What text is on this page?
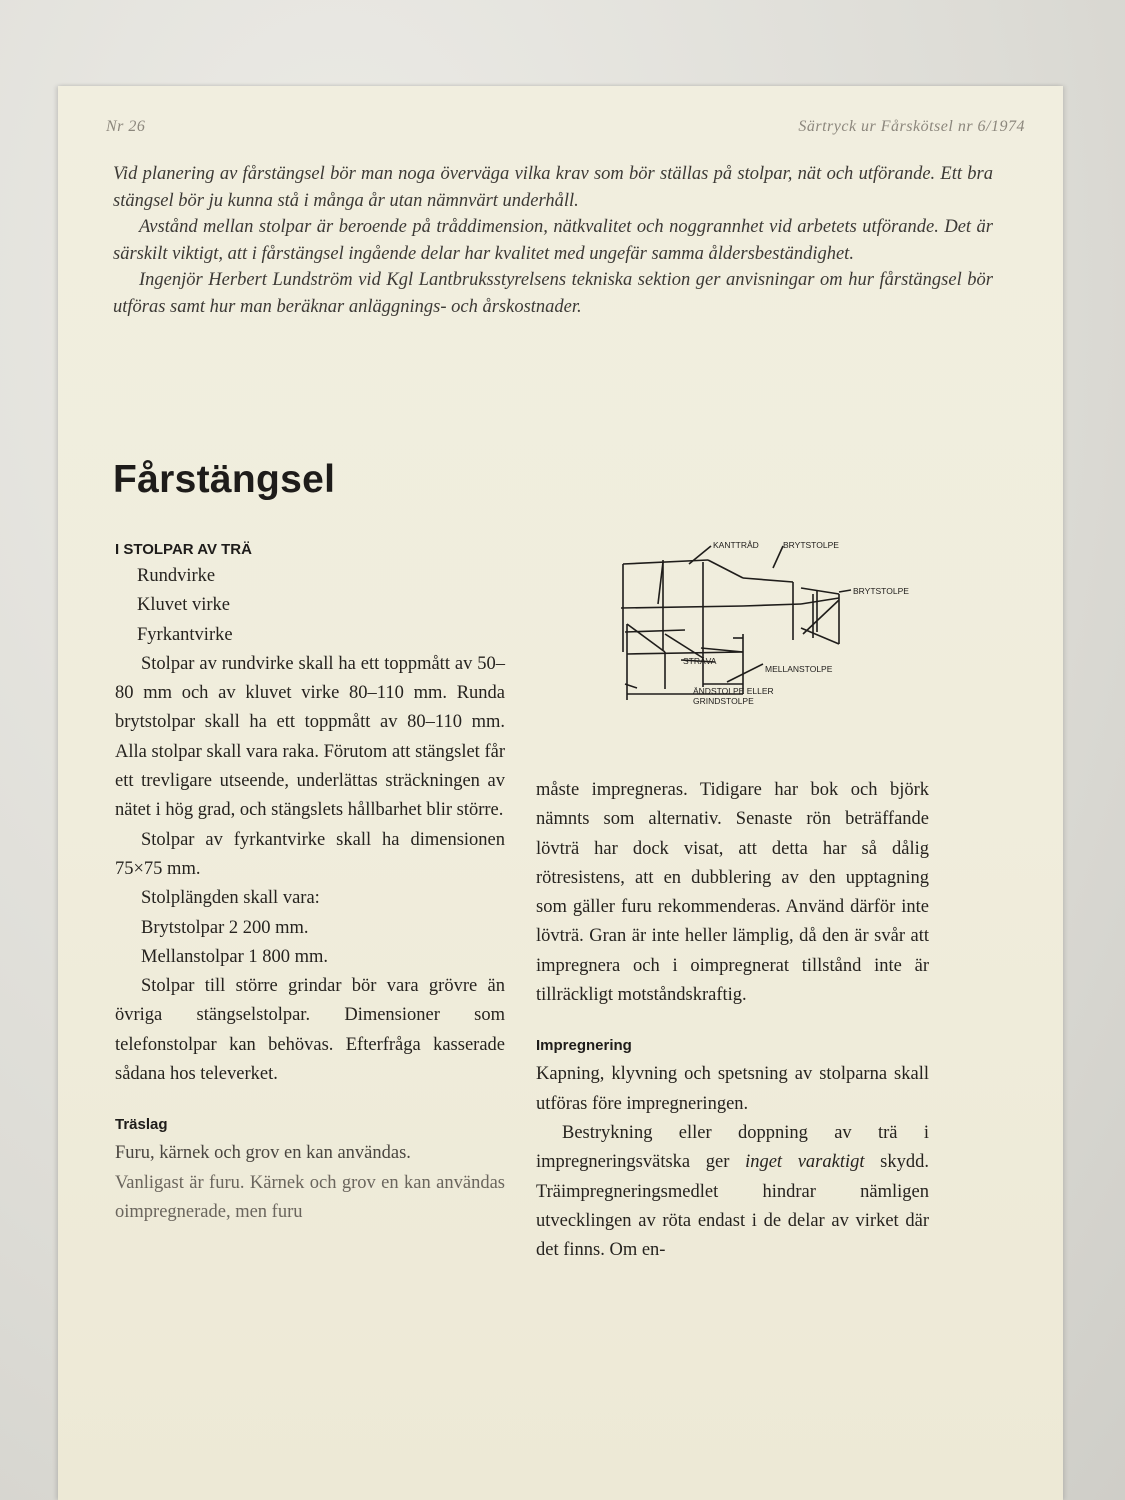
Nr 26	Särtryck ur Fårskötsel nr 6/1974

Vid planering av fårstängsel bör man noga överväga vilka krav som bör ställas på stolpar, nät och utförande. Ett bra stängsel bör ju kunna stå i många år utan nämnvärt underhåll.

Avstånd mellan stolpar är beroende på tråddimension, nätkvalitet och noggrannhet vid arbetets utförande. Det är särskilt viktigt, att i fårstängsel ingående delar har kvalitet med ungefär samma åldersbeständighet.

Ingenjör Herbert Lundström vid Kgl Lantbruksstyrelsens tekniska sektion ger anvisningar om hur fårstängsel bör utföras samt hur man beräknar anläggnings- och årskostnader.

Fårstängsel
I STOLPAR AV TRÄ

Rundvirke

Kluvet virke

Fyrkantvirke

Stolpar av rundvirke skall ha ett toppmått av 50–80 mm och av kluvet virke 80–110 mm. Runda brytstolpar skall ha ett toppmått av 80–110 mm. Alla stolpar skall vara raka. Förutom att stängslet får ett trevligare utseende, underlättas sträckningen av nätet i hög grad, och stängslets hållbarhet blir större.

Stolpar av fyrkantvirke skall ha dimensionen 75×75 mm.

Stolplängden skall vara:

Brytstolpar 2 200 mm.

Mellanstolpar 1 800 mm.

Stolpar till större grindar bör vara grövre än övriga stängselstolpar. Dimensioner som telefonstolpar kan behövas. Efterfråga kasserade sådana hos televerket.

Träslag

Furu, kärnek och grov en kan användas.

Vanligast är furu. Kärnek och grov en kan användas oimpregnerade, men furu

KANTTRÅD	BRYTSTOLPE
BRYTSTOLPE
STRÄVA
MELLANSTOLPE
ÄNDSTOLPE ELLER
GRINDSTOLPE

måste impregneras. Tidigare har bok och björk nämnts som alternativ. Senaste rön beträffande lövträ har dock visat, att detta har så dålig rötresistens, att en dubblering av den upptagning som gäller furu rekommenderas. Använd därför inte lövträ. Gran är inte heller lämplig, då den är svår att impregnera och i oimpregnerat tillstånd inte är tillräckligt motståndskraftig.

Impregnering

Kapning, klyvning och spetsning av stolparna skall utföras före impregneringen.

Bestrykning eller doppning av trä i impregneringsvätska ger inget varaktigt skydd. Träimpregneringsmedlet hindrar nämligen utvecklingen av röta endast i de delar av virket där det finns. Om en-
